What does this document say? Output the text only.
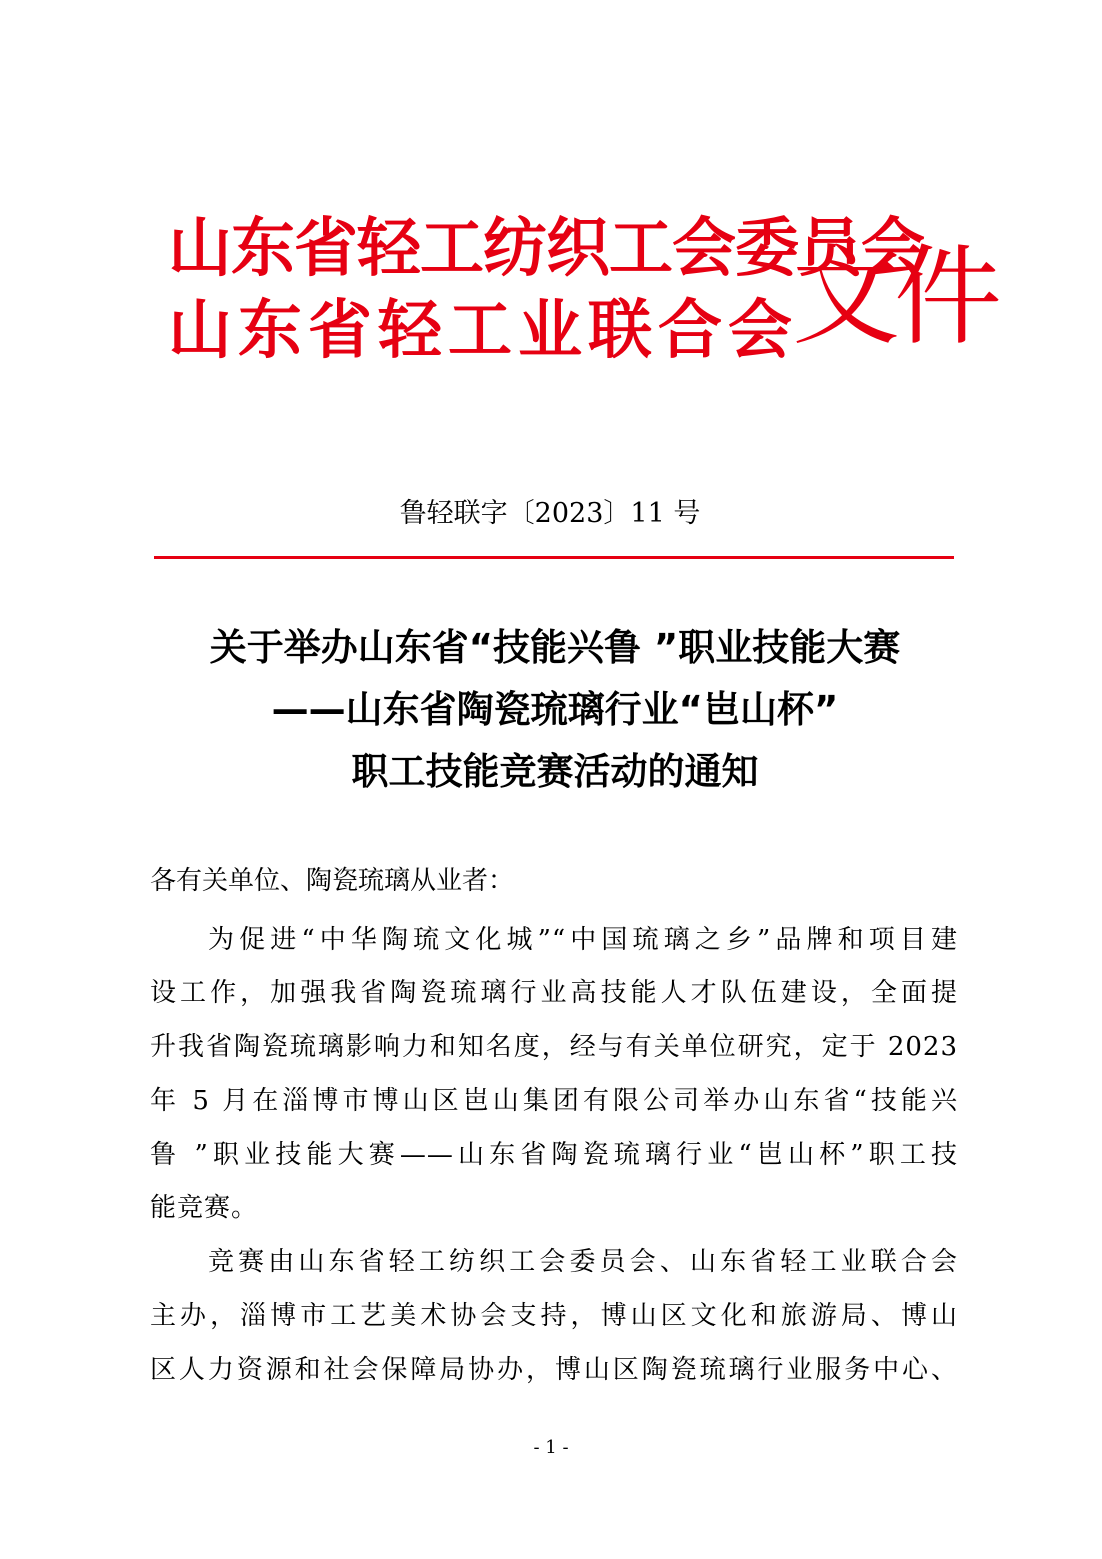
山东省轻工纺织工会委员会
山东省轻工业联合会
文件
鲁轻联字〔2023〕11 号
关于举办山东省“技能兴鲁 ”职业技能大赛
——山东省陶瓷琉璃行业“岜山杯”
职工技能竞赛活动的通知
各有关单位、陶瓷琉璃从业者：
为促进“中华陶琉文化城”“中国琉璃之乡”品牌和项目建
设工作，加强我省陶瓷琉璃行业高技能人才队伍建设，全面提
升我省陶瓷琉璃影响力和知名度，经与有关单位研究，定于 2023
年 5 月在淄博市博山区岜山集团有限公司举办山东省“技能兴
鲁 ”职业技能大赛——山东省陶瓷琉璃行业“岜山杯”职工技
能竞赛。
竞赛由山东省轻工纺织工会委员会、山东省轻工业联合会
主办，淄博市工艺美术协会支持，博山区文化和旅游局、博山
区人力资源和社会保障局协办，博山区陶瓷琉璃行业服务中心、
- 1 -
